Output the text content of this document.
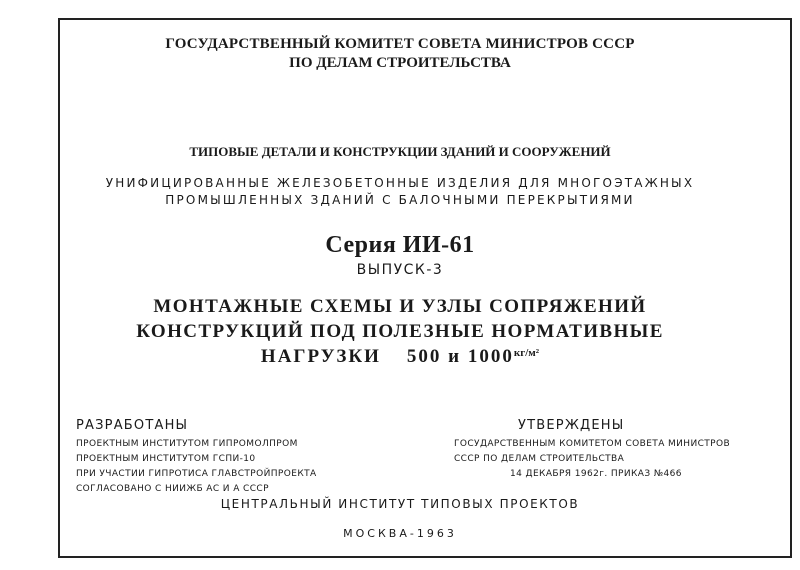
ГОСУДАРСТВЕННЫЙ КОМИТЕТ СОВЕТА МИНИСТРОВ СССР
ПО ДЕЛАМ СТРОИТЕЛЬСТВА
ТИПОВЫЕ ДЕТАЛИ И КОНСТРУКЦИИ ЗДАНИЙ И СООРУЖЕНИЙ
УНИФИЦИРОВАННЫЕ ЖЕЛЕЗОБЕТОННЫЕ ИЗДЕЛИЯ ДЛЯ МНОГОЭТАЖНЫХ
ПРОМЫШЛЕННЫХ ЗДАНИЙ С БАЛОЧНЫМИ ПЕРЕКРЫТИЯМИ
Серия ИИ-61
ВЫПУСК-3
МОНТАЖНЫЕ СХЕМЫ И УЗЛЫ СОПРЯЖЕНИЙ
КОНСТРУКЦИЙ ПОД ПОЛЕЗНЫЕ НОРМАТИВНЫЕ
НАГРУЗКИ 500 и $1000^{кг/м^2}$
РАЗРАБОТАНЫ
ПРОЕКТНЫМ ИНСТИТУТОМ ГИПРОМОЛПРОМ
ПРОЕКТНЫМ ИНСТИТУТОМ ГСПИ-10
ПРИ УЧАСТИИ ГИПРОТИСА ГЛАВСТРОЙПРОЕКТА
СОГЛАСОВАНО С НИИЖБ АС И А СССР
УТВЕРЖДЕНЫ
ГОСУДАРСТВЕННЫМ КОМИТЕТОМ СОВЕТА МИНИСТРОВ
СССР ПО ДЕЛАМ СТРОИТЕЛЬСТВА
14 ДЕКАБРЯ 1962г. ПРИКАЗ №466
ЦЕНТРАЛЬНЫЙ ИНСТИТУТ ТИПОВЫХ ПРОЕКТОВ
МОСКВА-1963
